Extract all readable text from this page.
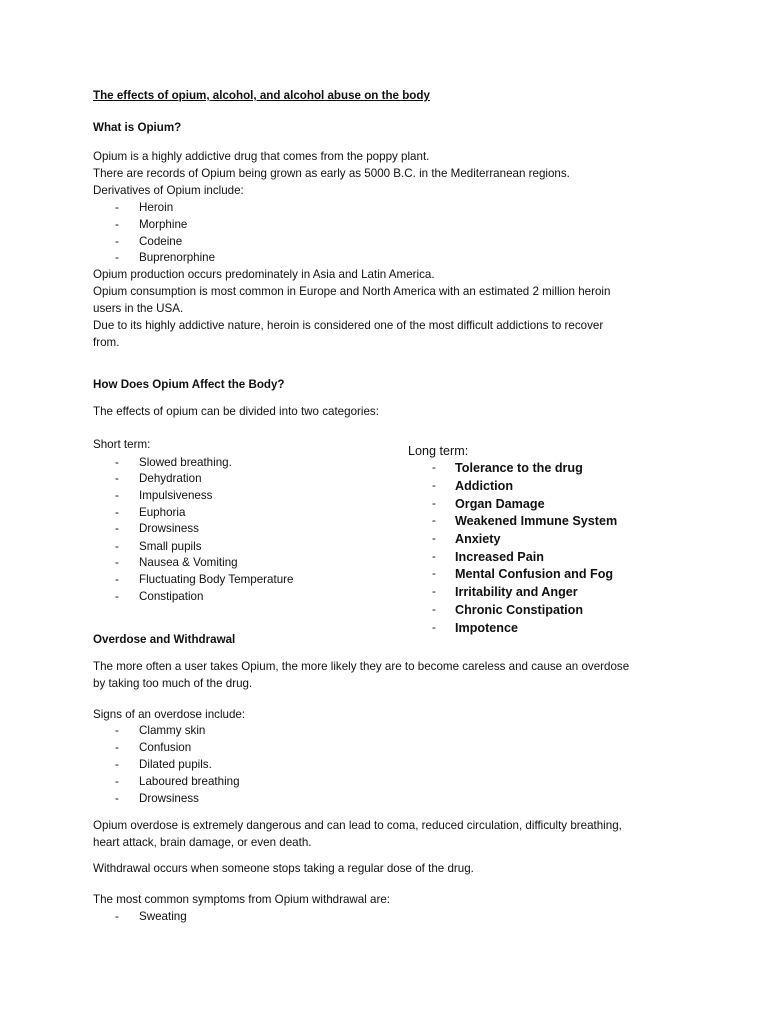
The effects of opium, alcohol, and alcohol abuse on the body
What is Opium?
Opium is a highly addictive drug that comes from the poppy plant.
There are records of Opium being grown as early as 5000 B.C. in the Mediterranean regions.
Derivatives of Opium include:
- Heroin
- Morphine
- Codeine
- Buprenorphine
Opium production occurs predominately in Asia and Latin America.
Opium consumption is most common in Europe and North America with an estimated 2 million heroin
users in the USA.
Due to its highly addictive nature, heroin is considered one of the most difficult addictions to recover
from.
How Does Opium Affect the Body?
The effects of opium can be divided into two categories:
Short term:
- Slowed breathing.
- Dehydration
- Impulsiveness
- Euphoria
- Drowsiness
- Small pupils
- Nausea & Vomiting
- Fluctuating Body Temperature
- Constipation
Long term:
- Tolerance to the drug
- Addiction
- Organ Damage
- Weakened Immune System
- Anxiety
- Increased Pain
- Mental Confusion and Fog
- Irritability and Anger
- Chronic Constipation
- Impotence
Overdose and Withdrawal
The more often a user takes Opium, the more likely they are to become careless and cause an overdose
by taking too much of the drug.
Signs of an overdose include:
- Clammy skin
- Confusion
- Dilated pupils.
- Laboured breathing
- Drowsiness
Opium overdose is extremely dangerous and can lead to coma, reduced circulation, difficulty breathing,
heart attack, brain damage, or even death.
Withdrawal occurs when someone stops taking a regular dose of the drug.
The most common symptoms from Opium withdrawal are:
- Sweating
